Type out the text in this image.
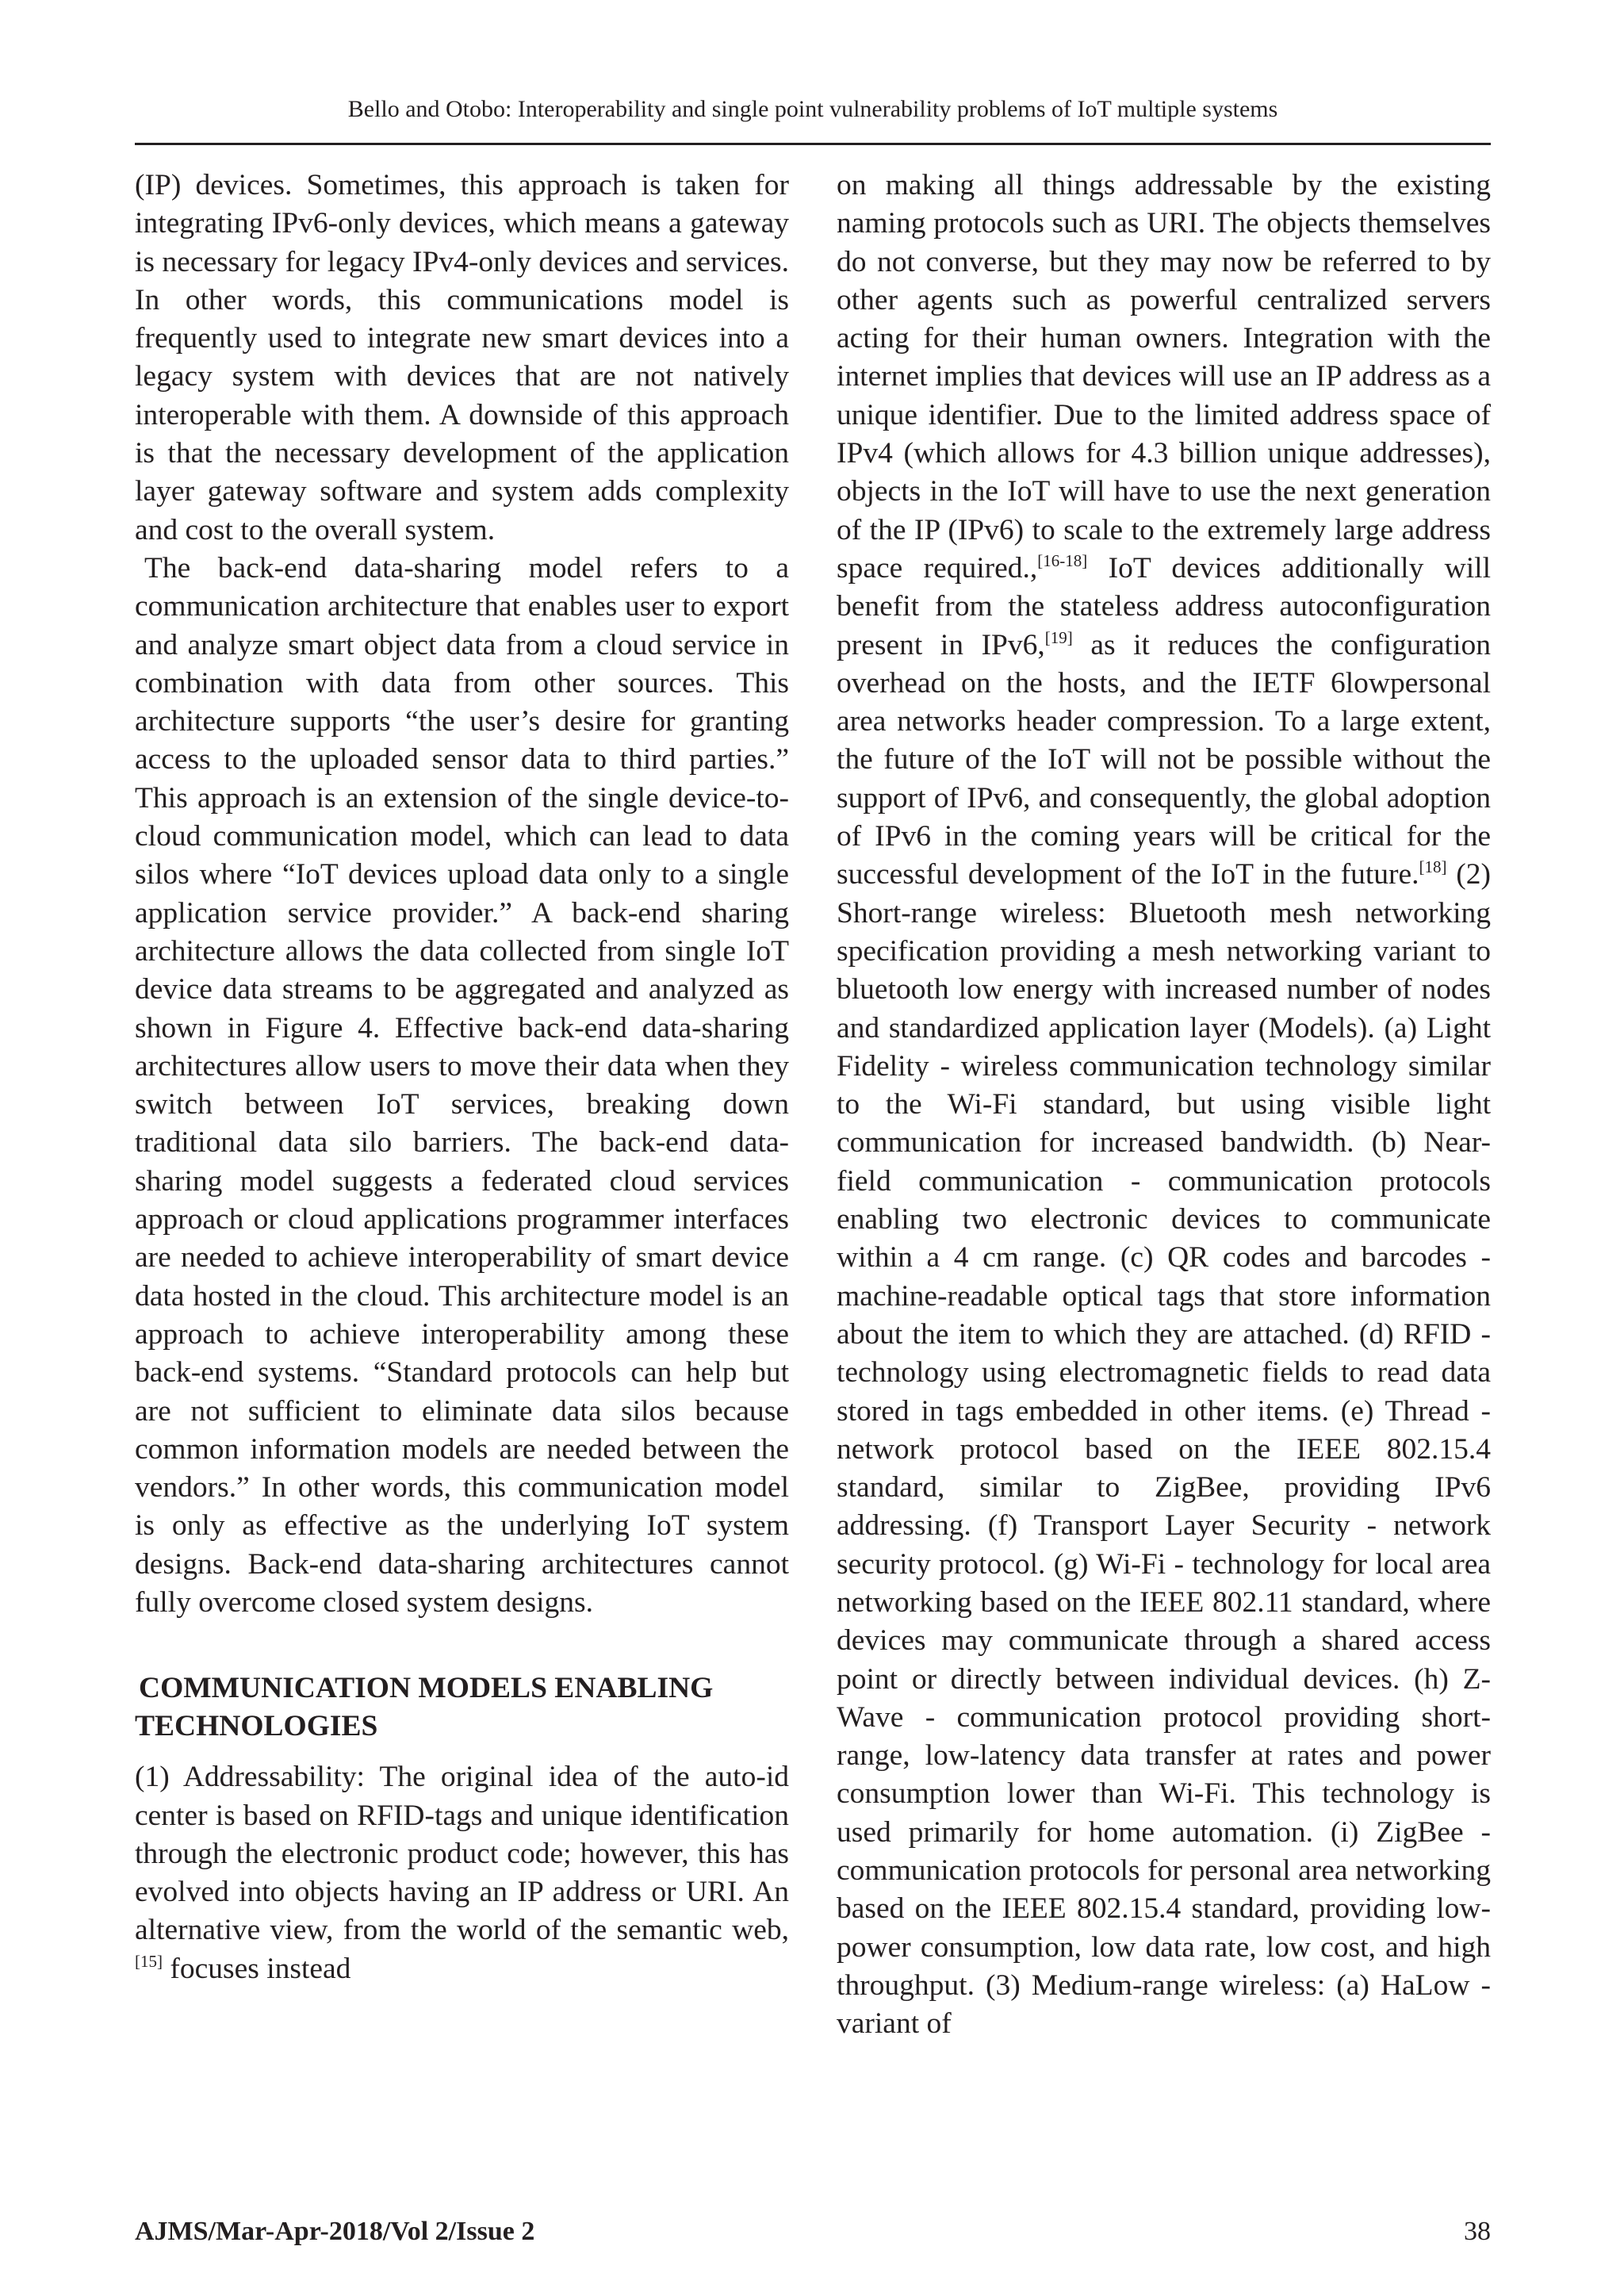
Bello and Otobo: Interoperability and single point vulnerability problems of IoT multiple systems

(IP) devices. Sometimes, this approach is taken for integrating IPv6-only devices, which means a gateway is necessary for legacy IPv4-only devices and services. In other words, this communications model is frequently used to integrate new smart devices into a legacy system with devices that are not natively interoperable with them. A downside of this approach is that the necessary development of the application layer gateway software and system adds complexity and cost to the overall system.

The back-end data-sharing model refers to a communication architecture that enables user to export and analyze smart object data from a cloud service in combination with data from other sources. This architecture supports “the user’s desire for granting access to the uploaded sensor data to third parties.” This approach is an extension of the single device-to-cloud communication model, which can lead to data silos where “IoT devices upload data only to a single application service provider.” A back-end sharing architecture allows the data collected from single IoT device data streams to be aggregated and analyzed as shown in Figure 4. Effective back-end data-sharing architectures allow users to move their data when they switch between IoT services, breaking down traditional data silo barriers. The back-end data-sharing model suggests a federated cloud services approach or cloud applications programmer interfaces are needed to achieve interoperability of smart device data hosted in the cloud. This architecture model is an approach to achieve interoperability among these back-end systems. “Standard protocols can help but are not sufficient to eliminate data silos because common information models are needed between the vendors.” In other words, this communication model is only as effective as the underlying IoT system designs. Back-end data-sharing architectures cannot fully overcome closed system designs.

COMMUNICATION MODELS ENABLING
TECHNOLOGIES

(1) Addressability: The original idea of the auto-id center is based on RFID-tags and unique identification through the electronic product code; however, this has evolved into objects having an IP address or URI. An alternative view, from the world of the semantic web,[15] focuses instead

on making all things addressable by the existing naming protocols such as URI. The objects themselves do not converse, but they may now be referred to by other agents such as powerful centralized servers acting for their human owners. Integration with the internet implies that devices will use an IP address as a unique identifier. Due to the limited address space of IPv4 (which allows for 4.3 billion unique addresses), objects in the IoT will have to use the next generation of the IP (IPv6) to scale to the extremely large address space required.,[16-18] IoT devices additionally will benefit from the stateless address autoconfiguration present in IPv6,[19] as it reduces the configuration overhead on the hosts, and the IETF 6lowpersonal area networks header compression. To a large extent, the future of the IoT will not be possible without the support of IPv6, and consequently, the global adoption of IPv6 in the coming years will be critical for the successful development of the IoT in the future.[18] (2) Short-range wireless: Bluetooth mesh networking specification providing a mesh networking variant to bluetooth low energy with increased number of nodes and standardized application layer (Models). (a) Light Fidelity - wireless communication technology similar to the Wi-Fi standard, but using visible light communication for increased bandwidth. (b) Near-field communication - communication protocols enabling two electronic devices to communicate within a 4 cm range. (c) QR codes and barcodes - machine-readable optical tags that store information about the item to which they are attached. (d) RFID - technology using electromagnetic fields to read data stored in tags embedded in other items. (e) Thread - network protocol based on the IEEE 802.15.4 standard, similar to ZigBee, providing IPv6 addressing. (f) Transport Layer Security - network security protocol. (g) Wi-Fi - technology for local area networking based on the IEEE 802.11 standard, where devices may communicate through a shared access point or directly between individual devices. (h) Z-Wave - communication protocol providing short-range, low-latency data transfer at rates and power consumption lower than Wi-Fi. This technology is used primarily for home automation. (i) ZigBee - communication protocols for personal area networking based on the IEEE 802.15.4 standard, providing low-power consumption, low data rate, low cost, and high throughput. (3) Medium-range wireless: (a) HaLow - variant of

AJMS/Mar-Apr-2018/Vol 2/Issue 2	38
